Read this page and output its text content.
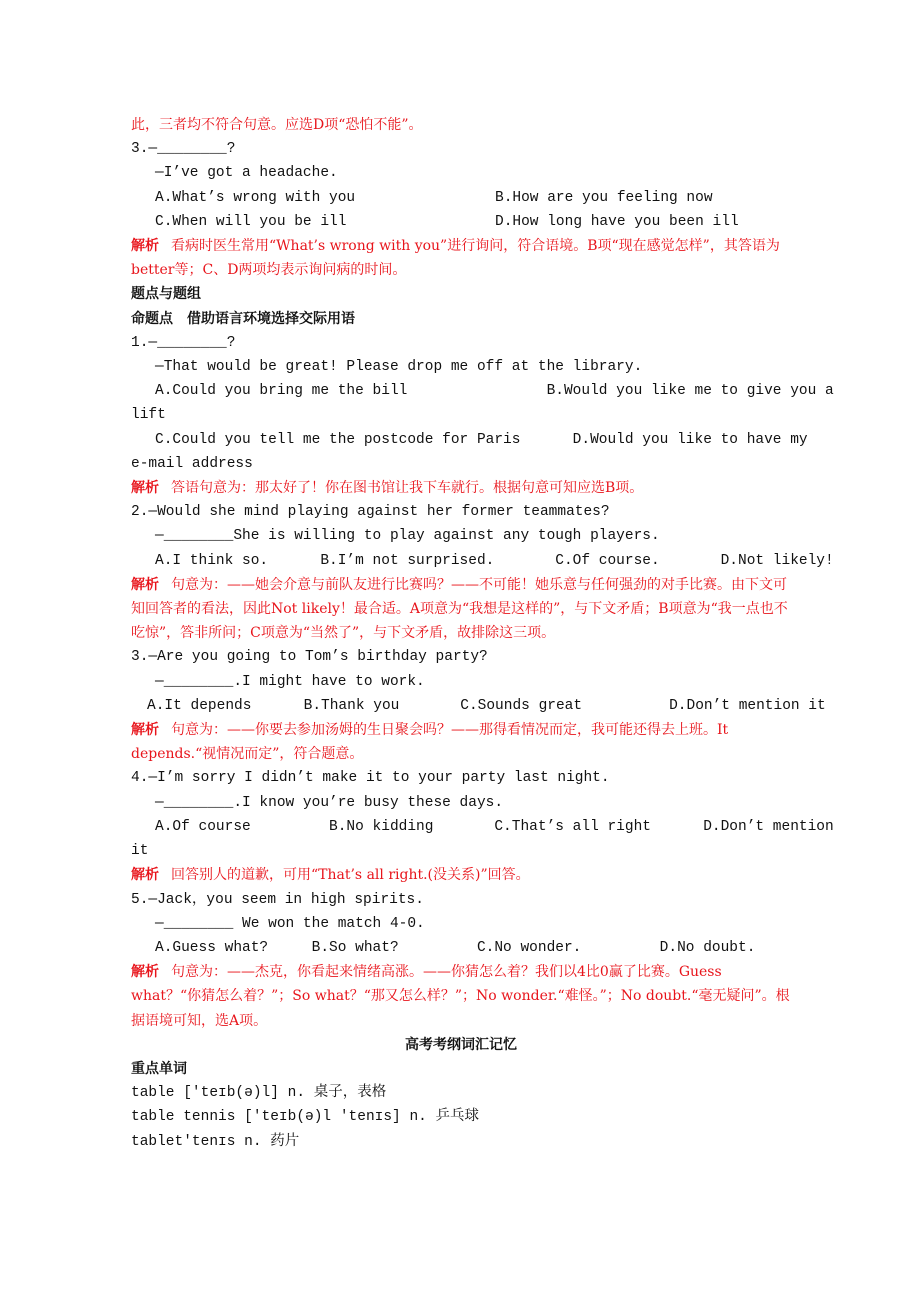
此，三者均不符合句意。应选D项“恐怕不能”。
3.—________?
—I’ve got a headache.
A.What’s wrong with you	B.How are you feeling now
C.When will you be ill	D.How long have you been ill
解析 看病时医生常用“What’s wrong with you”进行询问，符合语境。B项“现在感觉怎样”，其答语为better等；C、D两项均表示询问病的时间。
题点与题组
命题点　借助语言环境选择交际用语
1.—________?
—That would be great! Please drop me off at the library.
A.Could you bring me the bill                B.Would you like me to give you a
lift
C.Could you tell me the postcode for Paris      D.Would you like to have my
e-mail address
解析 答语句意为：那太好了！你在图书馆让我下车就行。根据句意可知应选B项。
2.—Would she mind playing against her former teammates?
—________She is willing to play against any tough players.
A.I think so.      B.I’m not surprised.       C.Of course.       D.Not likely!
解析 句意为：——她会介意与前队友进行比赛吗？——不可能！她乐意与任何强劲的对手比赛。由下文可知回答者的看法，因此Not likely！最合适。A项意为“我想是这样的”，与下文矛盾；B项意为“我一点也不吃惊”，答非所问；C项意为“当然了”，与下文矛盾，故排除这三项。
3.—Are you going to Tom’s birthday party?
—________.I might have to work.
A.It depends      B.Thank you       C.Sounds great          D.Don’t mention it
解析 句意为：——你要去参加汤姆的生日聚会吗？——那得看情况而定，我可能还得去上班。It depends.“视情况而定”，符合题意。
4.—I’m sorry I didn’t make it to your party last night.
—________.I know you’re busy these days.
A.Of course         B.No kidding       C.That’s all right      D.Don’t mention
it
解析 回答别人的道歉，可用“That’s all right.(没关系)”回答。
5.—Jack，you seem in high spirits.
—________ We won the match 4-0.
A.Guess what?     B.So what?         C.No wonder.         D.No doubt.
解析 句意为：——杰克，你看起来情绪高涨。——你猜怎么着？我们以4比0赢了比赛。Guess what？“你猜怎么着？”；So what？“那又怎么样？”；No wonder.“难怪。”；No doubt.“毫无疑问”。根据语境可知，选A项。
高考考纲词汇记忆
重点单词
table ['teɪb(ə)l] n. 桌子，表格
table tennis ['teɪb(ə)l 'tenɪs] n. 乒乓球
tablet'tenɪs n. 药片
